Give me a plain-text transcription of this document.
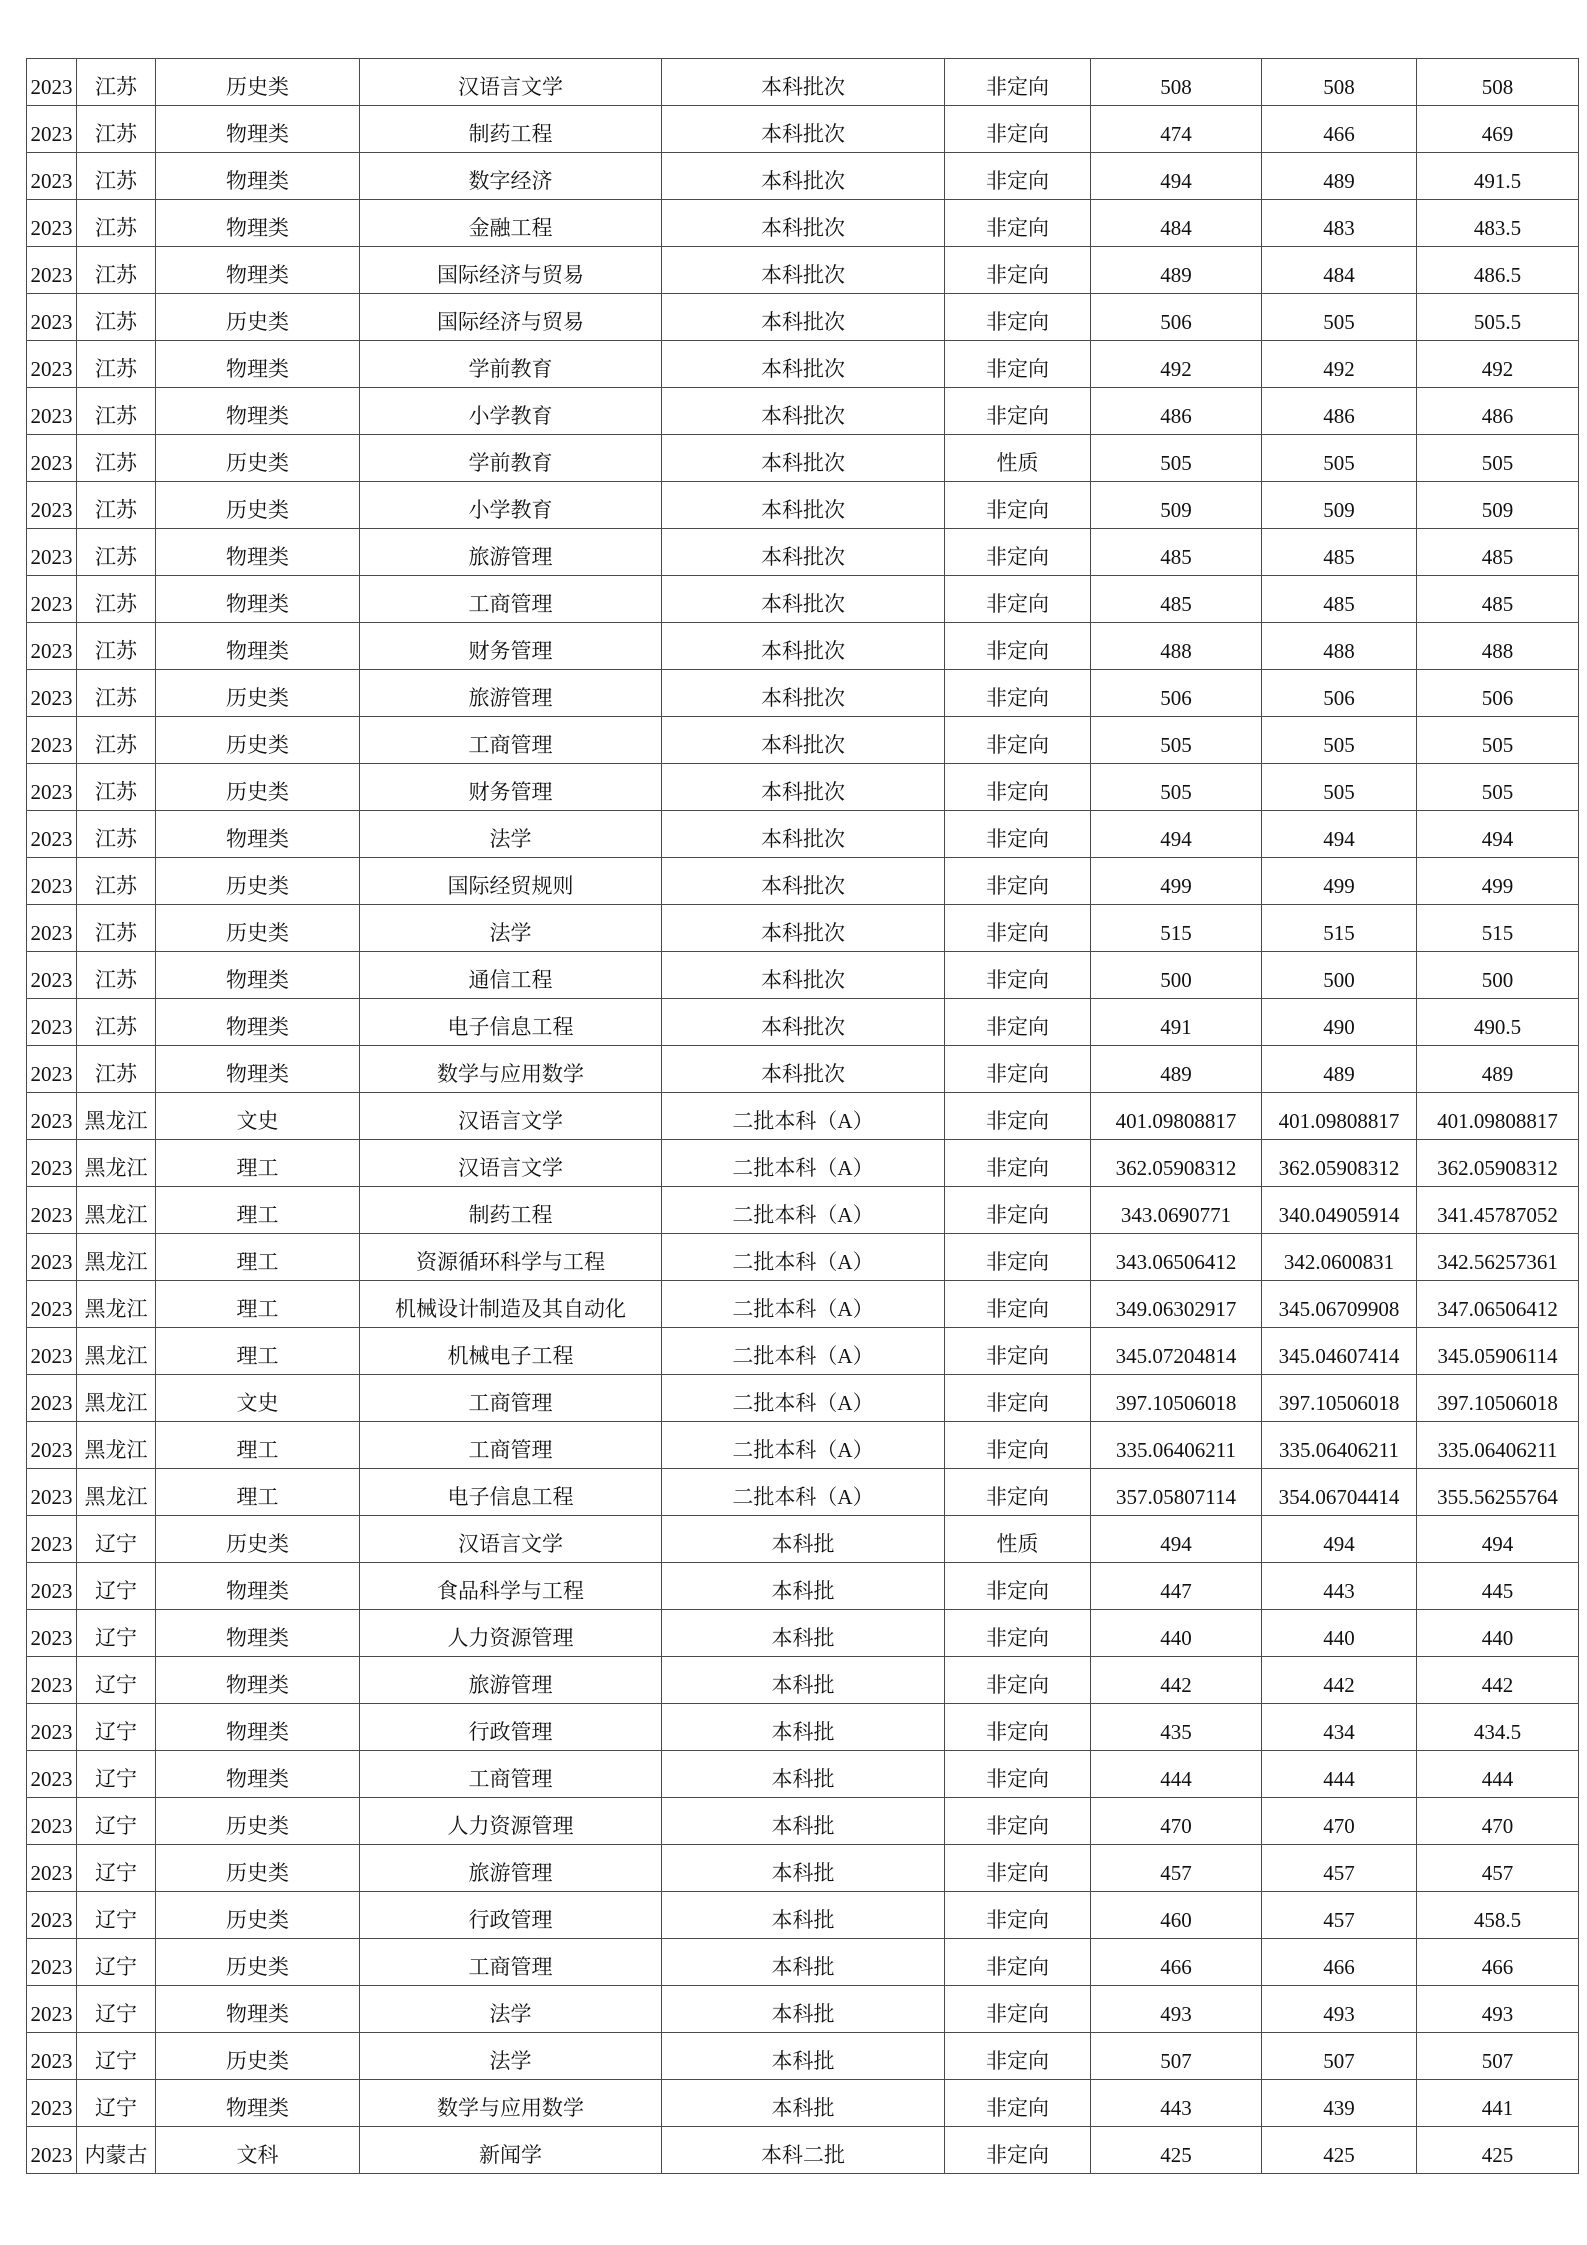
2023	江苏	历史类	汉语言文学	本科批次	非定向	508	508	508
2023	江苏	物理类	制药工程	本科批次	非定向	474	466	469
2023	江苏	物理类	数字经济	本科批次	非定向	494	489	491.5
2023	江苏	物理类	金融工程	本科批次	非定向	484	483	483.5
2023	江苏	物理类	国际经济与贸易	本科批次	非定向	489	484	486.5
2023	江苏	历史类	国际经济与贸易	本科批次	非定向	506	505	505.5
2023	江苏	物理类	学前教育	本科批次	非定向	492	492	492
2023	江苏	物理类	小学教育	本科批次	非定向	486	486	486
2023	江苏	历史类	学前教育	本科批次	性质	505	505	505
2023	江苏	历史类	小学教育	本科批次	非定向	509	509	509
2023	江苏	物理类	旅游管理	本科批次	非定向	485	485	485
2023	江苏	物理类	工商管理	本科批次	非定向	485	485	485
2023	江苏	物理类	财务管理	本科批次	非定向	488	488	488
2023	江苏	历史类	旅游管理	本科批次	非定向	506	506	506
2023	江苏	历史类	工商管理	本科批次	非定向	505	505	505
2023	江苏	历史类	财务管理	本科批次	非定向	505	505	505
2023	江苏	物理类	法学	本科批次	非定向	494	494	494
2023	江苏	历史类	国际经贸规则	本科批次	非定向	499	499	499
2023	江苏	历史类	法学	本科批次	非定向	515	515	515
2023	江苏	物理类	通信工程	本科批次	非定向	500	500	500
2023	江苏	物理类	电子信息工程	本科批次	非定向	491	490	490.5
2023	江苏	物理类	数学与应用数学	本科批次	非定向	489	489	489
2023	黑龙江	文史	汉语言文学	二批本科（A）	非定向	401.09808817	401.09808817	401.09808817
2023	黑龙江	理工	汉语言文学	二批本科（A）	非定向	362.05908312	362.05908312	362.05908312
2023	黑龙江	理工	制药工程	二批本科（A）	非定向	343.0690771	340.04905914	341.45787052
2023	黑龙江	理工	资源循环科学与工程	二批本科（A）	非定向	343.06506412	342.0600831	342.56257361
2023	黑龙江	理工	机械设计制造及其自动化	二批本科（A）	非定向	349.06302917	345.06709908	347.06506412
2023	黑龙江	理工	机械电子工程	二批本科（A）	非定向	345.07204814	345.04607414	345.05906114
2023	黑龙江	文史	工商管理	二批本科（A）	非定向	397.10506018	397.10506018	397.10506018
2023	黑龙江	理工	工商管理	二批本科（A）	非定向	335.06406211	335.06406211	335.06406211
2023	黑龙江	理工	电子信息工程	二批本科（A）	非定向	357.05807114	354.06704414	355.56255764
2023	辽宁	历史类	汉语言文学	本科批	性质	494	494	494
2023	辽宁	物理类	食品科学与工程	本科批	非定向	447	443	445
2023	辽宁	物理类	人力资源管理	本科批	非定向	440	440	440
2023	辽宁	物理类	旅游管理	本科批	非定向	442	442	442
2023	辽宁	物理类	行政管理	本科批	非定向	435	434	434.5
2023	辽宁	物理类	工商管理	本科批	非定向	444	444	444
2023	辽宁	历史类	人力资源管理	本科批	非定向	470	470	470
2023	辽宁	历史类	旅游管理	本科批	非定向	457	457	457
2023	辽宁	历史类	行政管理	本科批	非定向	460	457	458.5
2023	辽宁	历史类	工商管理	本科批	非定向	466	466	466
2023	辽宁	物理类	法学	本科批	非定向	493	493	493
2023	辽宁	历史类	法学	本科批	非定向	507	507	507
2023	辽宁	物理类	数学与应用数学	本科批	非定向	443	439	441
2023	内蒙古	文科	新闻学	本科二批	非定向	425	425	425
